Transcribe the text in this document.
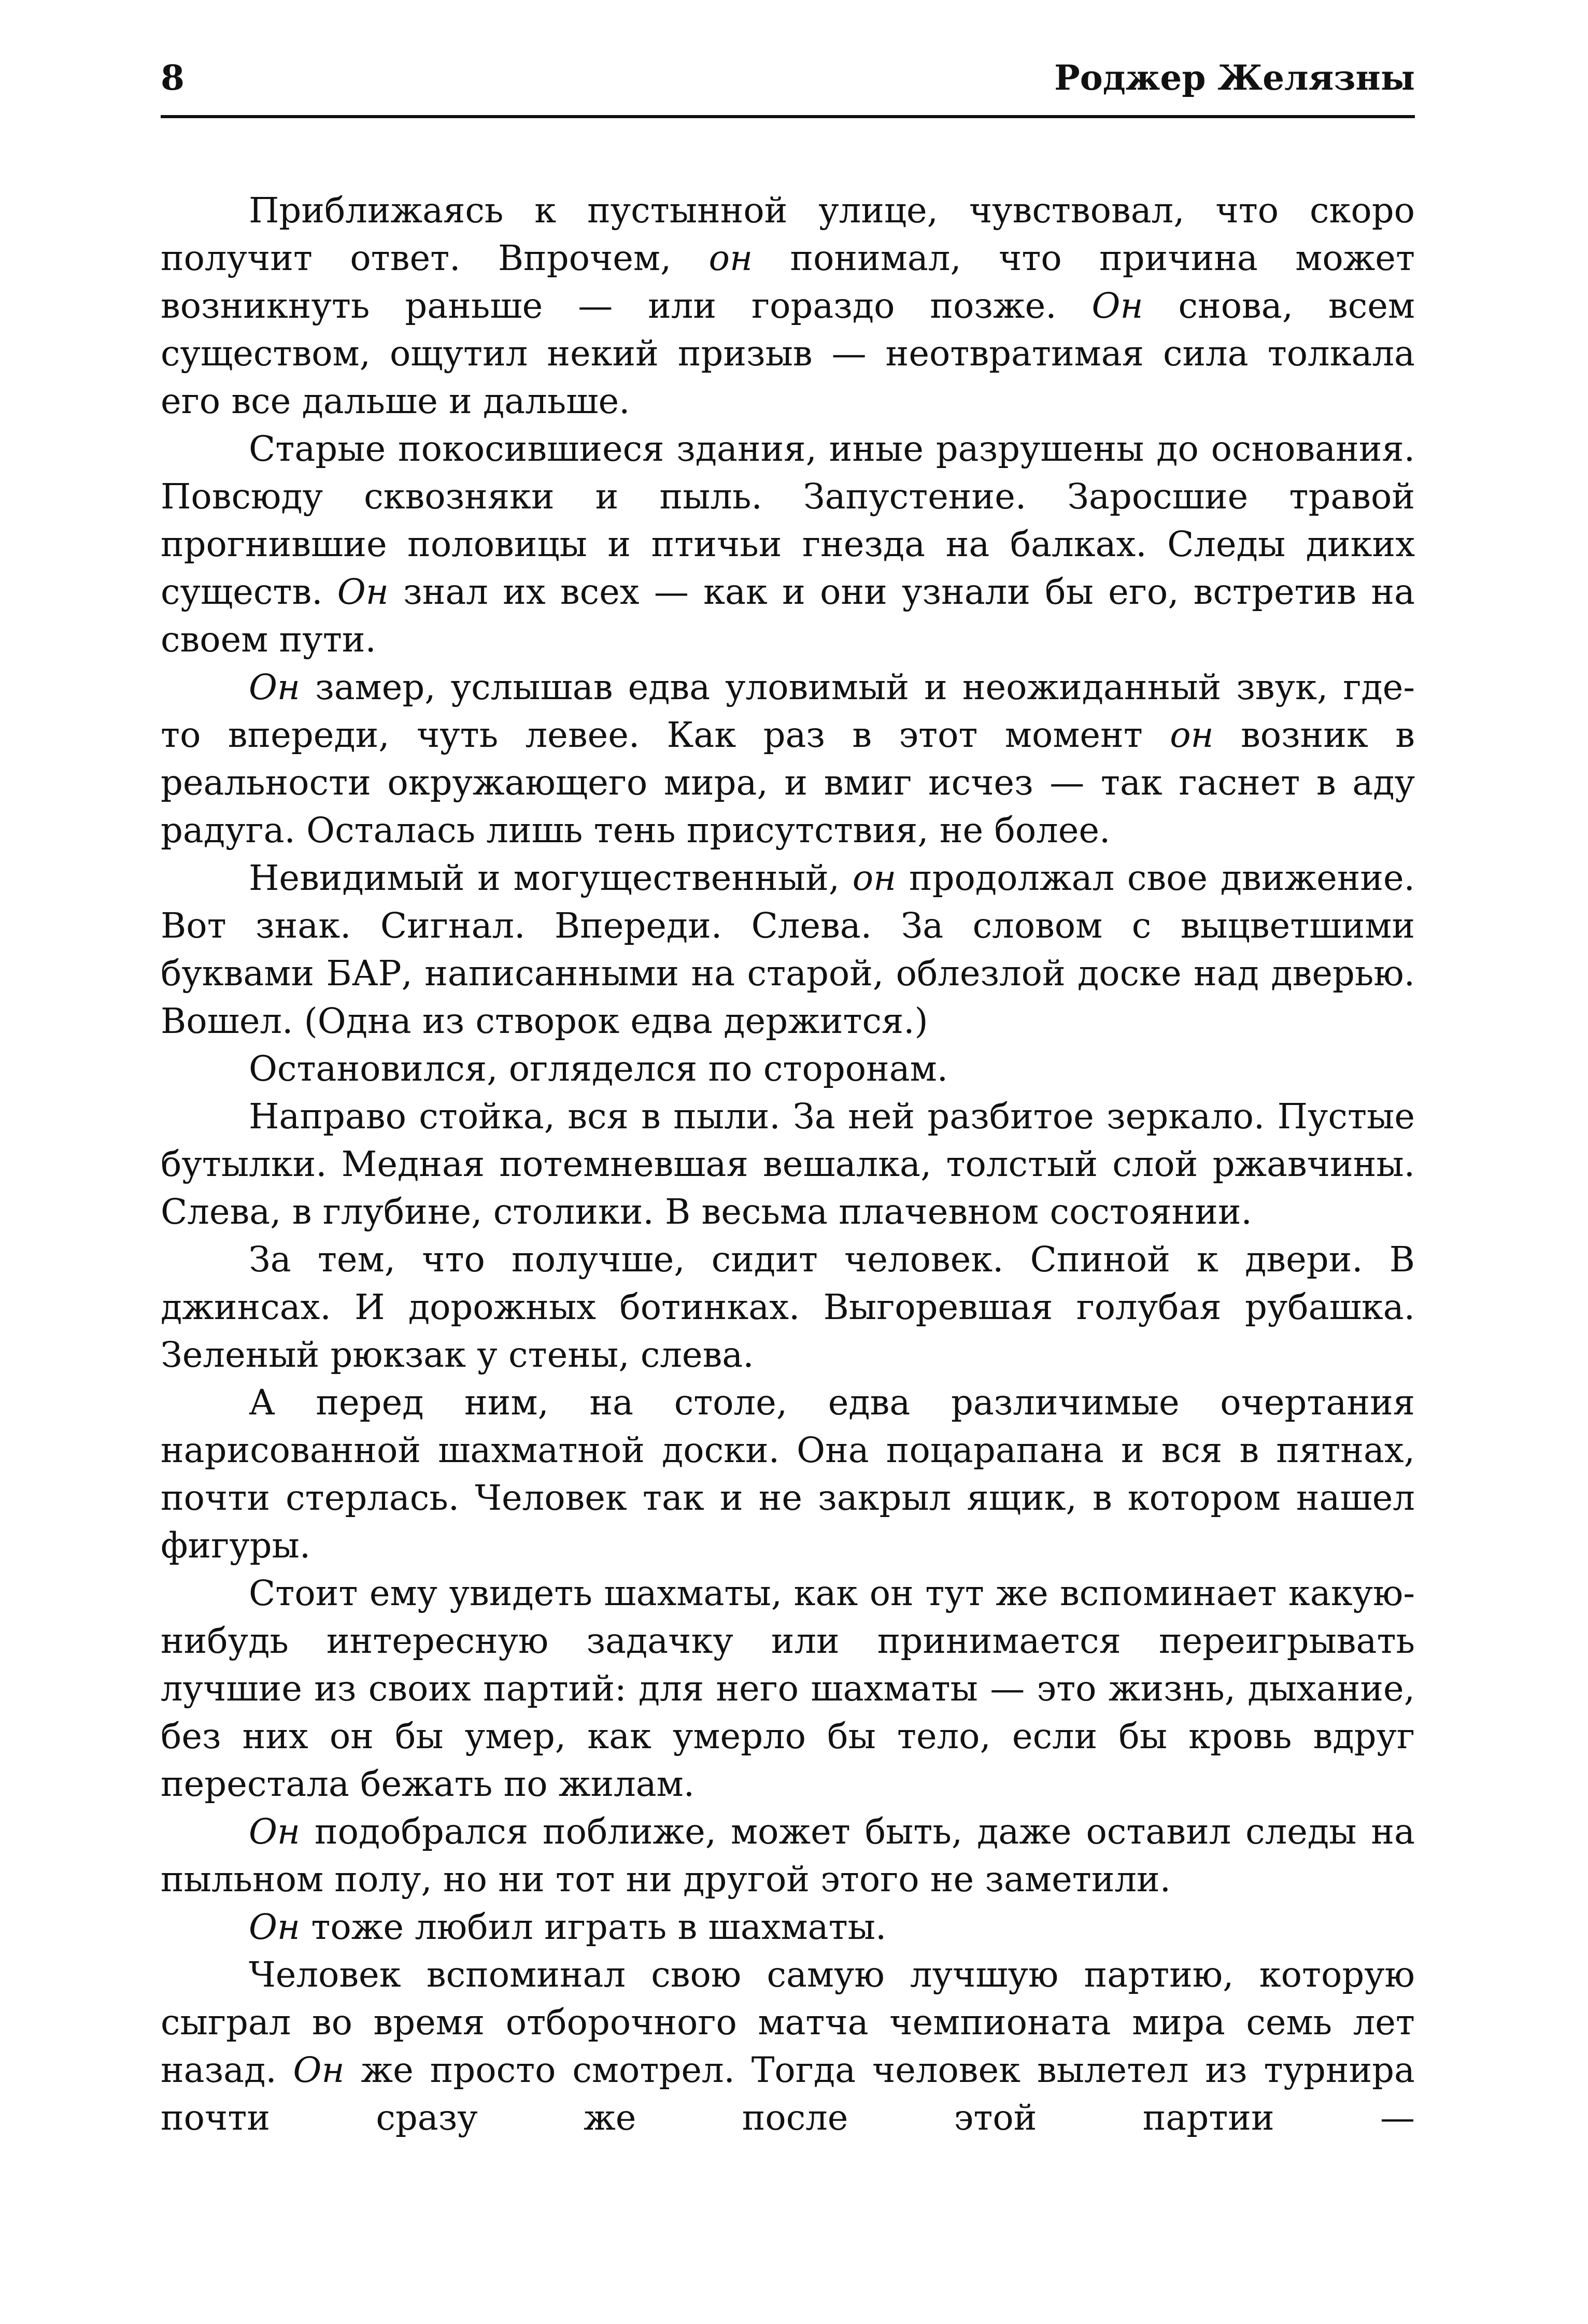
8	Роджер Желязны

Приближаясь к пустынной улице, чувствовал, что скоро получит ответ. Впрочем, он понимал, что причина может возникнуть раньше — или гораздо позже. Он снова, всем существом, ощутил некий призыв — неотвратимая сила толкала его все дальше и дальше.

Старые покосившиеся здания, иные разрушены до основания. Повсюду сквозняки и пыль. Запустение. Заросшие травой прогнившие половицы и птичьи гнезда на балках. Следы диких существ. Он знал их всех — как и они узнали бы его, встретив на своем пути.

Он замер, услышав едва уловимый и неожиданный звук, где-то впереди, чуть левее. Как раз в этот момент он возник в реальности окружающего мира, и вмиг исчез — так гаснет в аду радуга. Осталась лишь тень присутствия, не более.

Невидимый и могущественный, он продолжал свое движение. Вот знак. Сигнал. Впереди. Слева. За словом с выцветшими буквами БАР, написанными на старой, облезлой доске над дверью. Вошел. (Одна из створок едва держится.)

Остановился, огляделся по сторонам.

Направо стойка, вся в пыли. За ней разбитое зеркало. Пустые бутылки. Медная потемневшая вешалка, толстый слой ржавчины. Слева, в глубине, столики. В весьма плачевном состоянии.

За тем, что получше, сидит человек. Спиной к двери. В джинсах. И дорожных ботинках. Выгоревшая голубая рубашка. Зеленый рюкзак у стены, слева.

А перед ним, на столе, едва различимые очертания нарисованной шахматной доски. Она поцарапана и вся в пятнах, почти стерлась. Человек так и не закрыл ящик, в котором нашел фигуры.

Стоит ему увидеть шахматы, как он тут же вспоминает какую-нибудь интересную задачку или принимается переигрывать лучшие из своих партий: для него шахматы — это жизнь, дыхание, без них он бы умер, как умерло бы тело, если бы кровь вдруг перестала бежать по жилам.

Он подобрался поближе, может быть, даже оставил следы на пыльном полу, но ни тот ни другой этого не заметили.

Он тоже любил играть в шахматы.

Человек вспоминал свою самую лучшую партию, которую сыграл во время отборочного матча чемпионата мира семь лет назад. Он же просто смотрел. Тогда человек вылетел из турнира почти сразу же после этой партии —
